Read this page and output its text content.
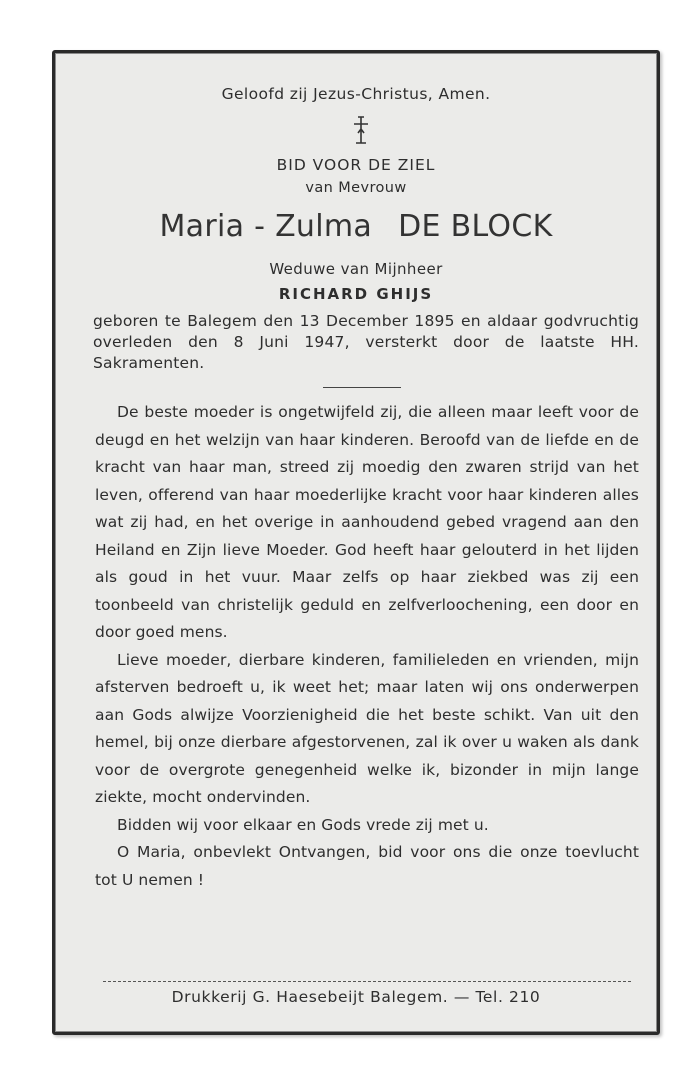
Geloofd zij Jezus-Christus, Amen.
BID VOOR DE ZIEL
van Mevrouw
Maria - Zulma DE BLOCK
Weduwe van Mijnheer
RICHARD GHIJS
geboren te Balegem den 13 December 1895 en aldaar godvruchtig overleden den 8 Juni 1947, versterkt door de laatste HH. Sakramenten.

De beste moeder is ongetwijfeld zij, die alleen maar leeft voor de deugd en het welzijn van haar kinderen. Beroofd van de liefde en de kracht van haar man, streed zij moedig den zwaren strijd van het leven, offerend van haar moederlijke kracht voor haar kinderen alles wat zij had, en het overige in aanhoudend gebed vragend aan den Heiland en Zijn lieve Moeder. God heeft haar gelouterd in het lijden als goud in het vuur. Maar zelfs op haar ziekbed was zij een toonbeeld van christelijk geduld en zelfverloochening, een door en door goed mens.

Lieve moeder, dierbare kinderen, familieleden en vrienden, mijn afsterven bedroeft u, ik weet het; maar laten wij ons onderwerpen aan Gods alwijze Voorzienigheid die het beste schikt. Van uit den hemel, bij onze dierbare afgestorvenen, zal ik over u waken als dank voor de overgrote genegenheid welke ik, bizonder in mijn lange ziekte, mocht ondervinden.

Bidden wij voor elkaar en Gods vrede zij met u.

O Maria, onbevlekt Ontvangen, bid voor ons die onze toevlucht tot U nemen !

Drukkerij G. Haesebeijt Balegem. — Tel. 210
